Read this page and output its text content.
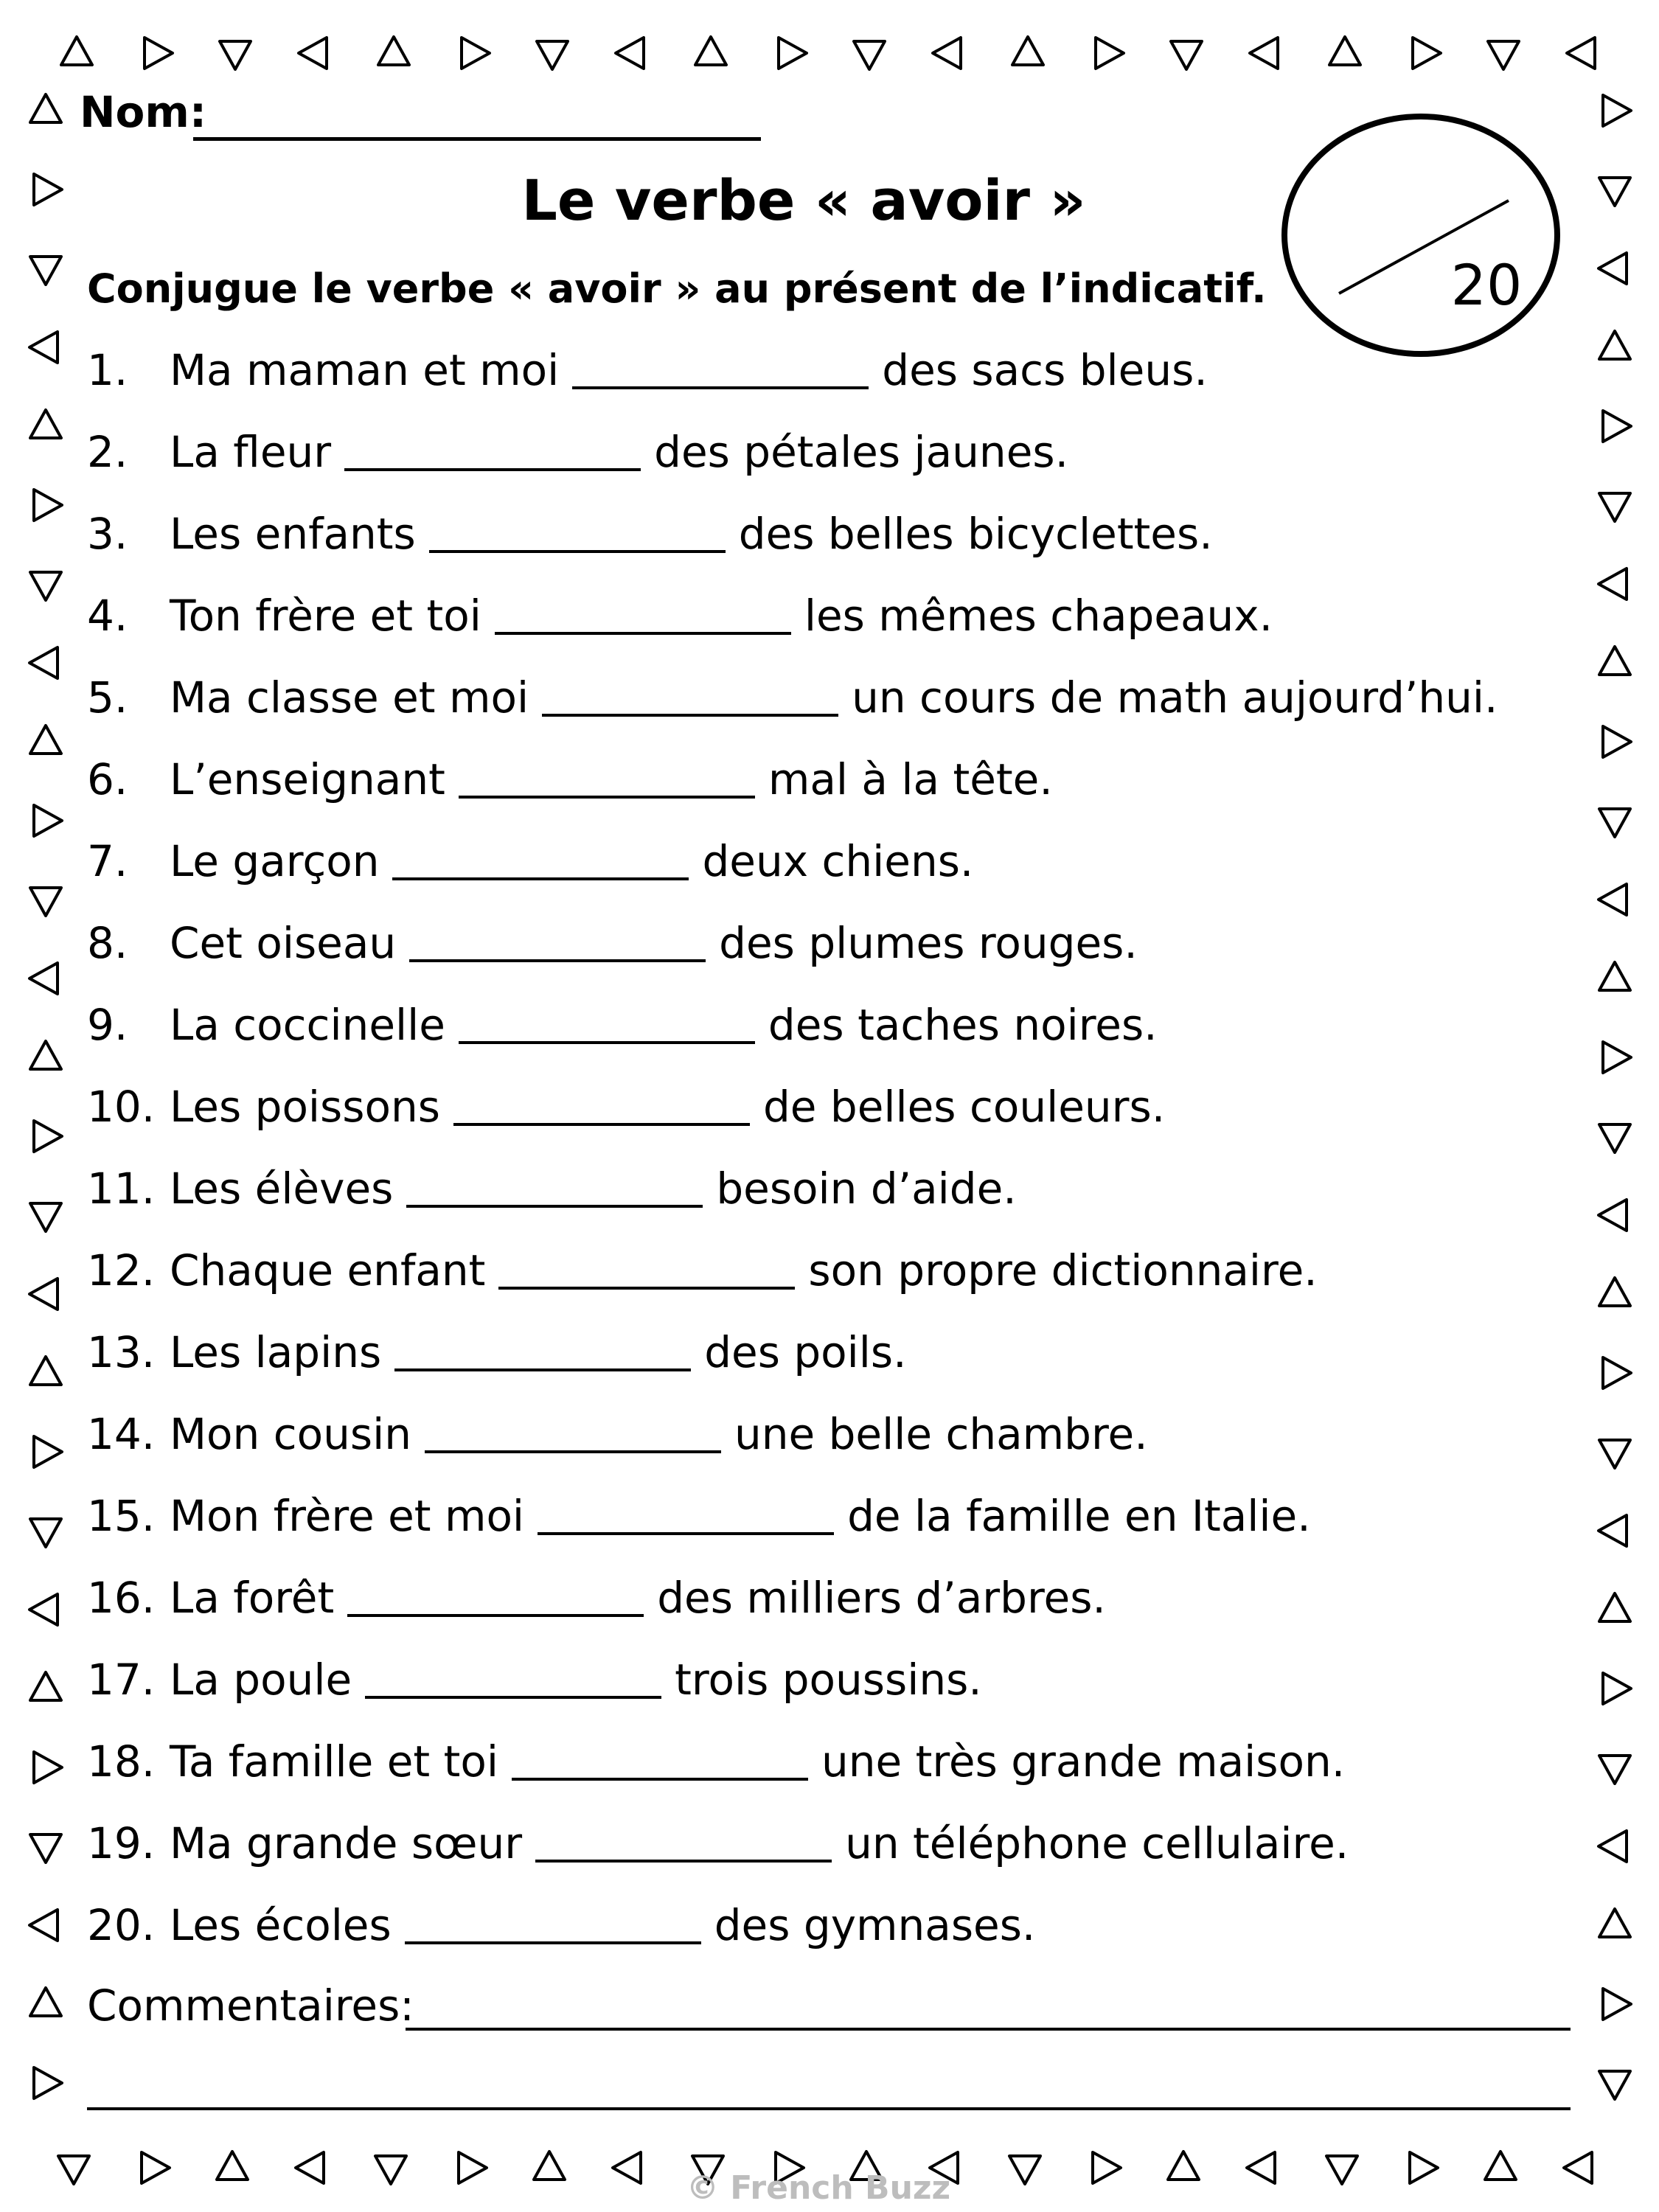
Nom:
Le verbe « avoir »
20
Conjugue le verbe « avoir » au présent de l’indicatif.
1. Ma maman et moi	des sacs bleus.
2. La fleur	des pétales jaunes.
3. Les enfants	des belles bicyclettes.
4. Ton frère et toi	les mêmes chapeaux.
5. Ma classe et moi	un cours de math aujourd’hui.
6. L’enseignant	mal à la tête.
7. Le garçon	deux chiens.
8. Cet oiseau	des plumes rouges.
9. La coccinelle	des taches noires.
10. Les poissons	de belles couleurs.
11. Les élèves	besoin d’aide.
12. Chaque enfant	son propre dictionnaire.
13. Les lapins	des poils.
14. Mon cousin	une belle chambre.
15. Mon frère et moi	de la famille en Italie.
16. La forêt	des milliers d’arbres.
17. La poule	trois poussins.
18. Ta famille et toi	une très grande maison.
19. Ma grande sœur	un téléphone cellulaire.
20. Les écoles	des gymnases.
Commentaires:
© French Buzz
